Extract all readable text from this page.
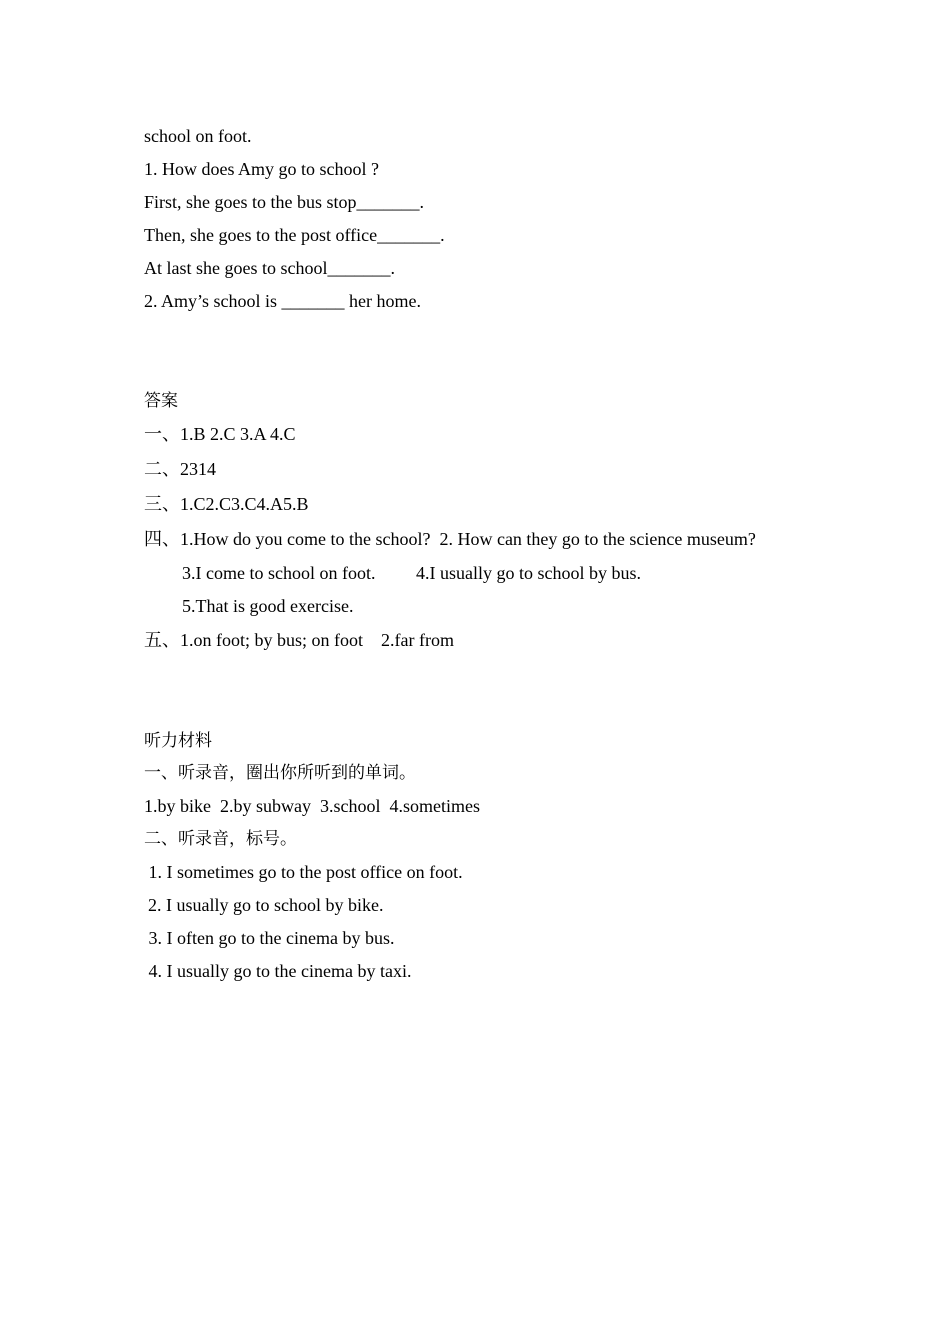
school on foot.
1. How does Amy go to school ?
First, she goes to the bus stop_______.
Then, she goes to the post office_______.
At last she goes to school_______.
2. Amy’s school is _______ her home.
答案
一、1.B 2.C 3.A 4.C
二、2314
三、1.C2.C3.C4.A5.B
四、1.How do you come to the school?  2. How can they go to the science museum?
3.I come to school on foot.         4.I usually go to school by bus.
5.That is good exercise.
五、1.on foot; by bus; on foot    2.far from
听力材料
一、听录音，圈出你所听到的单词。
1.by bike  2.by subway  3.school  4.sometimes
二、听录音，标号。
1. I sometimes go to the post office on foot.
2. I usually go to school by bike.
3. I often go to the cinema by bus.
4. I usually go to the cinema by taxi.
